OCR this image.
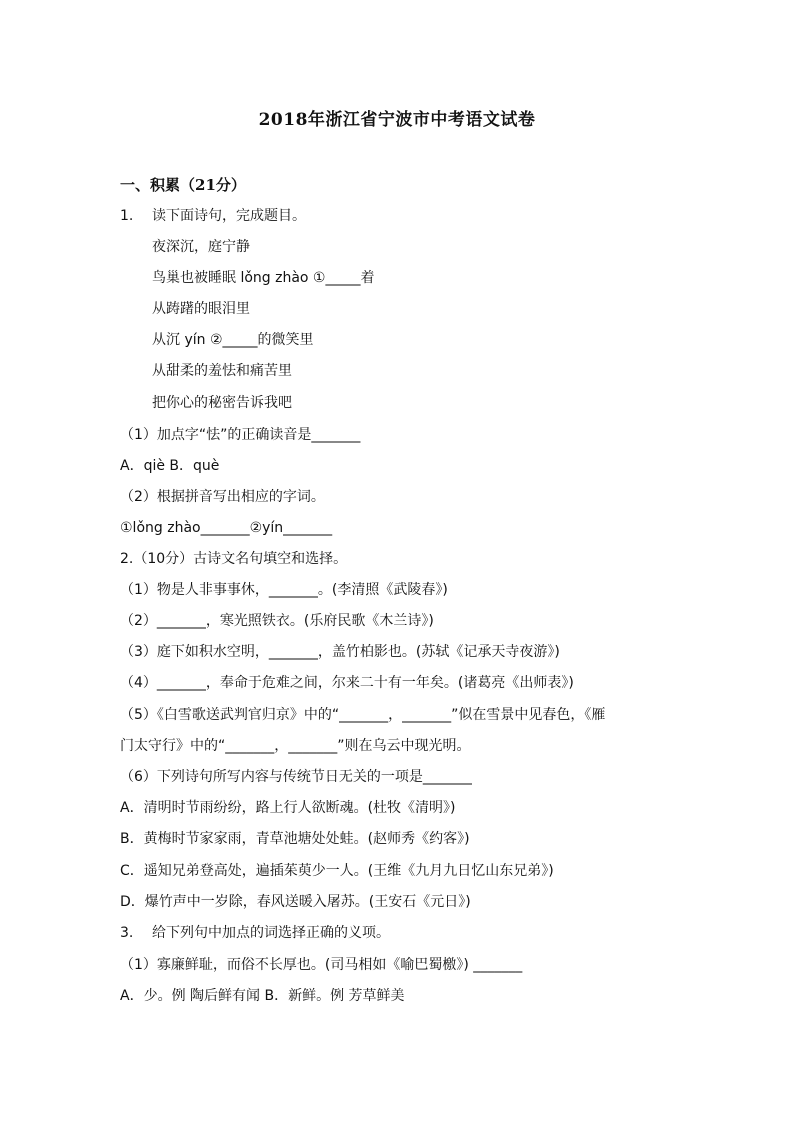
2018年浙江省宁波市中考语文试卷
一、积累（21分）
1. 读下面诗句，完成题目。
夜深沉，庭宁静
鸟巢也被睡眠 lǒng zhào ①_____着
从踌躇的眼泪里
从沉 yín ②_____的微笑里
从甜柔的羞怯和痛苦里
把你心的秘密告诉我吧
（1）加点字“怯”的正确读音是_______
A．qiè B．què
（2）根据拼音写出相应的字词。
①lǒng zhào_______②yín_______
2.（10分）古诗文名句填空和选择。
（1）物是人非事事休，_______。(李清照《武陵春》)
（2）_______，寒光照铁衣。(乐府民歌《木兰诗》)
（3）庭下如积水空明，_______，盖竹柏影也。(苏轼《记承天寺夜游》)
（4）_______，奉命于危难之间，尔来二十有一年矣。(诸葛亮《出师表》)
（5）《白雪歌送武判官归京》中的“_______，_______”似在雪景中见春色，《雁
门太守行》中的“_______，_______”则在乌云中现光明。
（6）下列诗句所写内容与传统节日无关的一项是_______
A．清明时节雨纷纷，路上行人欲断魂。(杜牧《清明》)
B．黄梅时节家家雨，青草池塘处处蛙。(赵师秀《约客》)
C．遥知兄弟登高处，遍插茱萸少一人。(王维《九月九日忆山东兄弟》)
D．爆竹声中一岁除，春风送暖入屠苏。(王安石《元日》)
3. 给下列句中加点的词选择正确的义项。
（1）寡廉鲜耻，而俗不长厚也。(司马相如《喻巴蜀檄》) _______
A．少。例 陶后鲜有闻 B．新鲜。例 芳草鲜美
